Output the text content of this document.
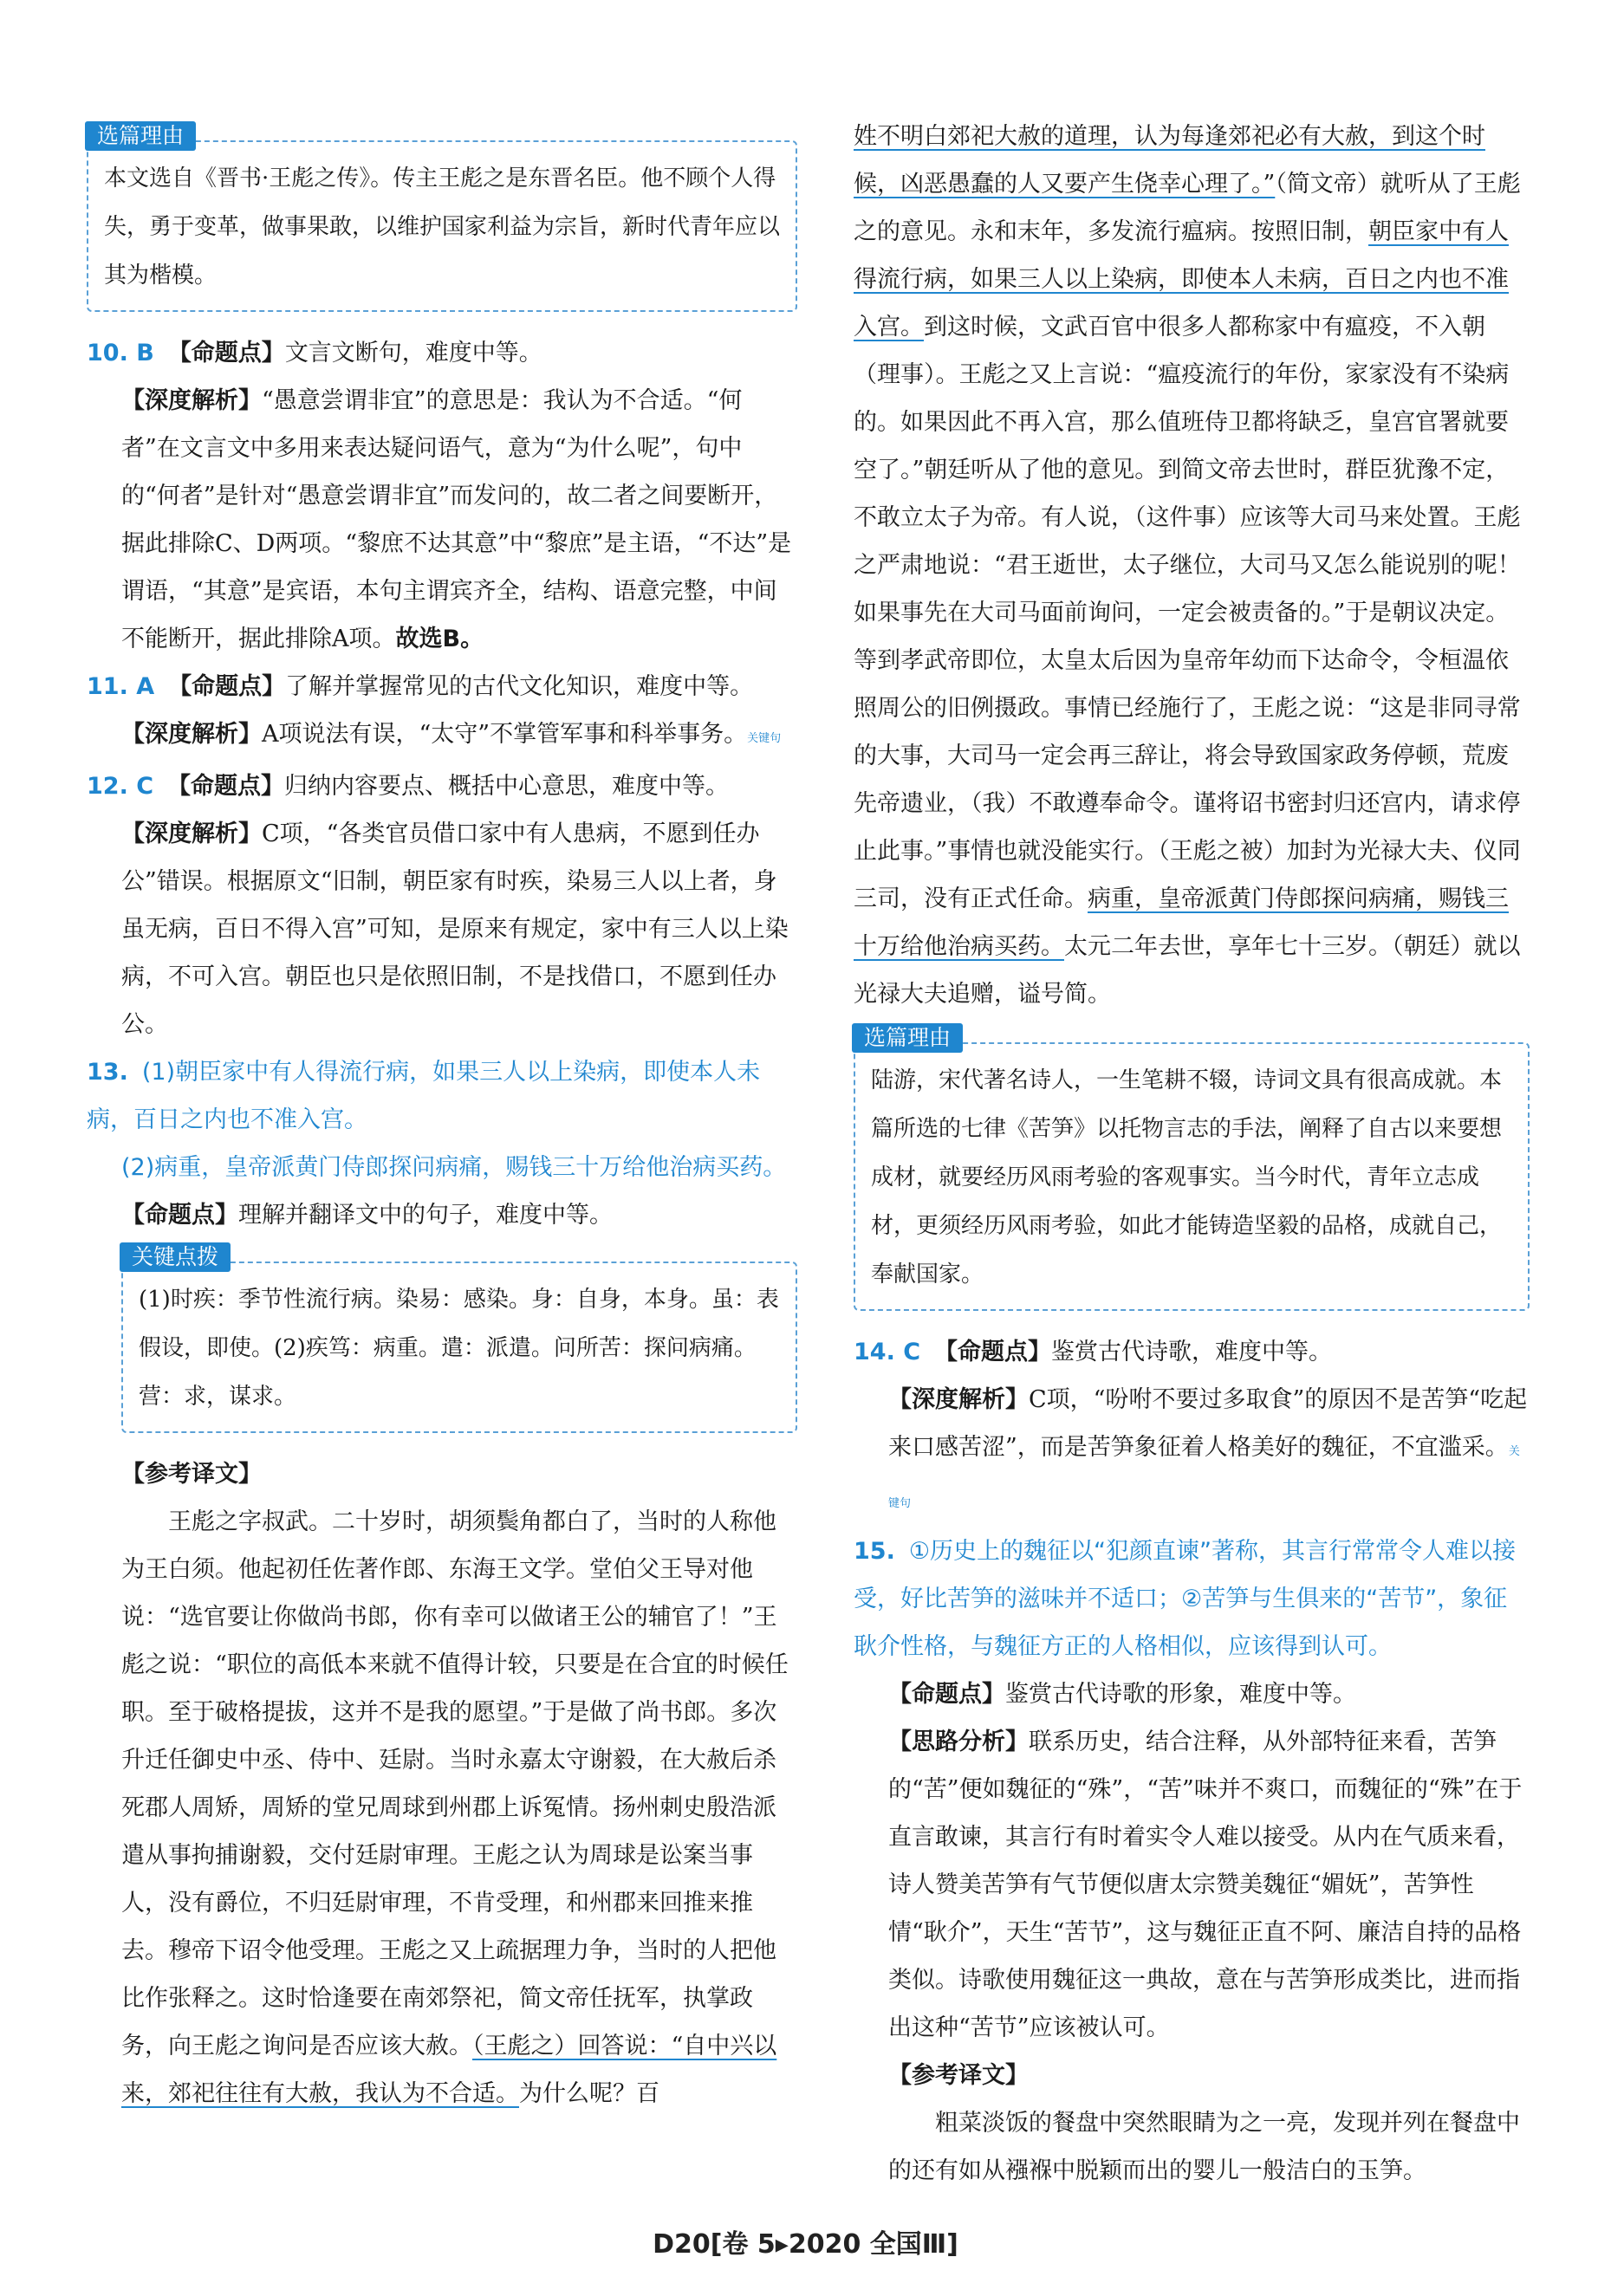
选篇理由
本文选自《晋书·王彪之传》。传主王彪之是东晋名臣。他不顾个人得失，勇于变革，做事果敢，以维护国家利益为宗旨，新时代青年应以其为楷模。
10. B 【命题点】文言文断句，难度中等。
【深度解析】“愚意尝谓非宜”的意思是：我认为不合适。“何者”在文言文中多用来表达疑问语气，意为“为什么呢”，句中的“何者”是针对“愚意尝谓非宜”而发问的，故二者之间要断开，据此排除C、D两项。“黎庶不达其意”中“黎庶”是主语，“不达”是谓语，“其意”是宾语，本句主谓宾齐全，结构、语意完整，中间不能断开，据此排除A项。故选B。
11. A 【命题点】了解并掌握常见的古代文化知识，难度中等。
【深度解析】A项说法有误，“太守”不掌管军事和科举事务。关键句
12. C 【命题点】归纳内容要点、概括中心意思，难度中等。
【深度解析】C项，“各类官员借口家中有人患病，不愿到任办公”错误。根据原文“旧制，朝臣家有时疾，染易三人以上者，身虽无病，百日不得入宫”可知，是原来有规定，家中有三人以上染病，不可入宫。朝臣也只是依照旧制，不是找借口，不愿到任办公。
13. (1)朝臣家中有人得流行病，如果三人以上染病，即使本人未病，百日之内也不准入宫。
(2)病重，皇帝派黄门侍郎探问病痛，赐钱三十万给他治病买药。
【命题点】理解并翻译文中的句子，难度中等。
关键点拨
(1)时疾：季节性流行病。染易：感染。身：自身，本身。虽：表假设，即使。(2)疾笃：病重。遣：派遣。问所苦：探问病痛。营：求，谋求。
【参考译文】
王彪之字叔武。二十岁时，胡须鬓角都白了，当时的人称他为王白须。他起初任佐著作郎、东海王文学。堂伯父王导对他说：“选官要让你做尚书郎，你有幸可以做诸王公的辅官了！”王彪之说：“职位的高低本来就不值得计较，只要是在合宜的时候任职。至于破格提拔，这并不是我的愿望。”于是做了尚书郎。多次升迁任御史中丞、侍中、廷尉。当时永嘉太守谢毅，在大赦后杀死郡人周矫，周矫的堂兄周球到州郡上诉冤情。扬州刺史殷浩派遣从事拘捕谢毅，交付廷尉审理。王彪之认为周球是讼案当事人，没有爵位，不归廷尉审理，不肯受理，和州郡来回推来推去。穆帝下诏令他受理。王彪之又上疏据理力争，当时的人把他比作张释之。这时恰逢要在南郊祭祀，简文帝任抚军，执掌政务，向王彪之询问是否应该大赦。（王彪之）回答说：“自中兴以来，郊祀往往有大赦，我认为不合适。为什么呢？百
姓不明白郊祀大赦的道理，认为每逢郊祀必有大赦，到这个时候，凶恶愚蠢的人又要产生侥幸心理了。”（简文帝）就听从了王彪之的意见。永和末年，多发流行瘟病。按照旧制，朝臣家中有人得流行病，如果三人以上染病，即使本人未病，百日之内也不准入宫。到这时候，文武百官中很多人都称家中有瘟疫，不入朝（理事）。王彪之又上言说：“瘟疫流行的年份，家家没有不染病的。如果因此不再入宫，那么值班侍卫都将缺乏，皇宫官署就要空了。”朝廷听从了他的意见。到简文帝去世时，群臣犹豫不定，不敢立太子为帝。有人说，（这件事）应该等大司马来处置。王彪之严肃地说：“君王逝世，太子继位，大司马又怎么能说别的呢！如果事先在大司马面前询问，一定会被责备的。”于是朝议决定。等到孝武帝即位，太皇太后因为皇帝年幼而下达命令，令桓温依照周公的旧例摄政。事情已经施行了，王彪之说：“这是非同寻常的大事，大司马一定会再三辞让，将会导致国家政务停顿，荒废先帝遗业，（我）不敢遵奉命令。谨将诏书密封归还宫内，请求停止此事。”事情也就没能实行。（王彪之被）加封为光禄大夫、仪同三司，没有正式任命。病重，皇帝派黄门侍郎探问病痛，赐钱三十万给他治病买药。太元二年去世，享年七十三岁。（朝廷）就以光禄大夫追赠，谥号简。
选篇理由
陆游，宋代著名诗人，一生笔耕不辍，诗词文具有很高成就。本篇所选的七律《苦笋》以托物言志的手法，阐释了自古以来要想成材，就要经历风雨考验的客观事实。当今时代，青年立志成材，更须经历风雨考验，如此才能铸造坚毅的品格，成就自己，奉献国家。
14. C 【命题点】鉴赏古代诗歌，难度中等。
【深度解析】C项，“吩咐不要过多取食”的原因不是苦笋“吃起来口感苦涩”，而是苦笋象征着人格美好的魏征，不宜滥采。关键句
15. ①历史上的魏征以“犯颜直谏”著称，其言行常常令人难以接受，好比苦笋的滋味并不适口；②苦笋与生俱来的“苦节”，象征耿介性格，与魏征方正的人格相似，应该得到认可。
【命题点】鉴赏古代诗歌的形象，难度中等。
【思路分析】联系历史，结合注释，从外部特征来看，苦笋的“苦”便如魏征的“殊”，“苦”味并不爽口，而魏征的“殊”在于直言敢谏，其言行有时着实令人难以接受。从内在气质来看，诗人赞美苦笋有气节便似唐太宗赞美魏征“媚妩”，苦笋性情“耿介”，天生“苦节”，这与魏征正直不阿、廉洁自持的品格类似。诗歌使用魏征这一典故，意在与苦笋形成类比，进而指出这种“苦节”应该被认可。
【参考译文】
粗菜淡饭的餐盘中突然眼睛为之一亮，发现并列在餐盘中的还有如从襁褓中脱颖而出的婴儿一般洁白的玉笋。
D20[卷 5▸2020 全国Ⅲ]
